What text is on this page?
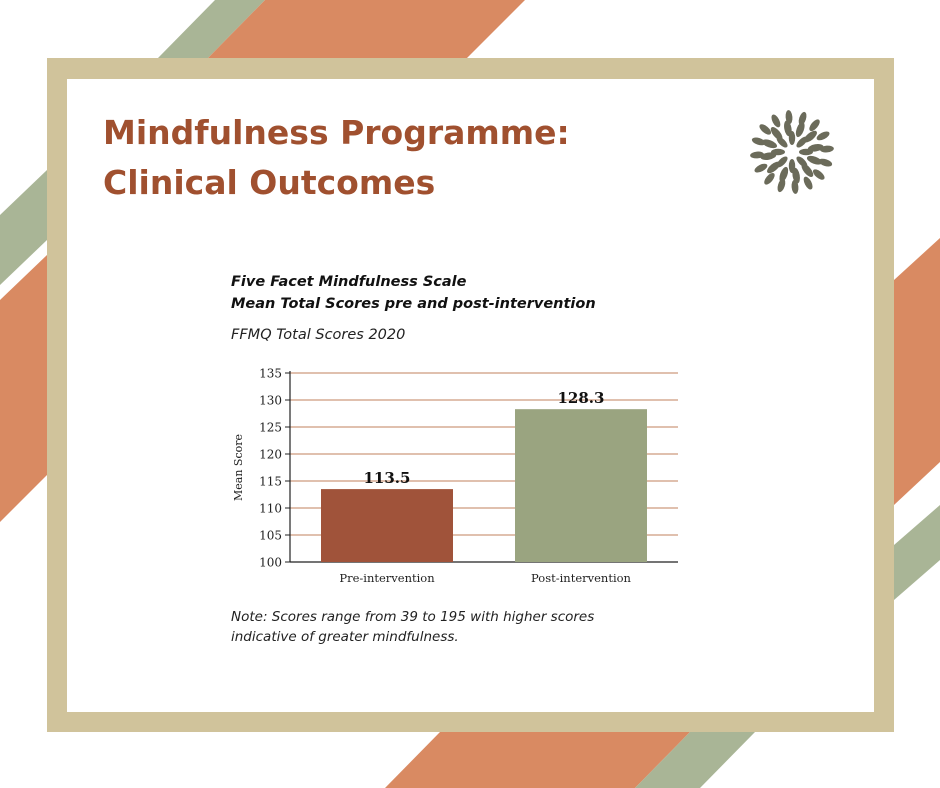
Mindfulness Programme:
Clinical Outcomes
Five Facet Mindfulness Scale
Mean Total Scores pre and post-intervention
FFMQ Total Scores 2020
100
105
110
115
120
125
130
135
113.5
Pre-intervention
128.3
Post-intervention
Mean Score
Note: Scores range from 39 to 195 with higher scores
indicative of greater mindfulness.
